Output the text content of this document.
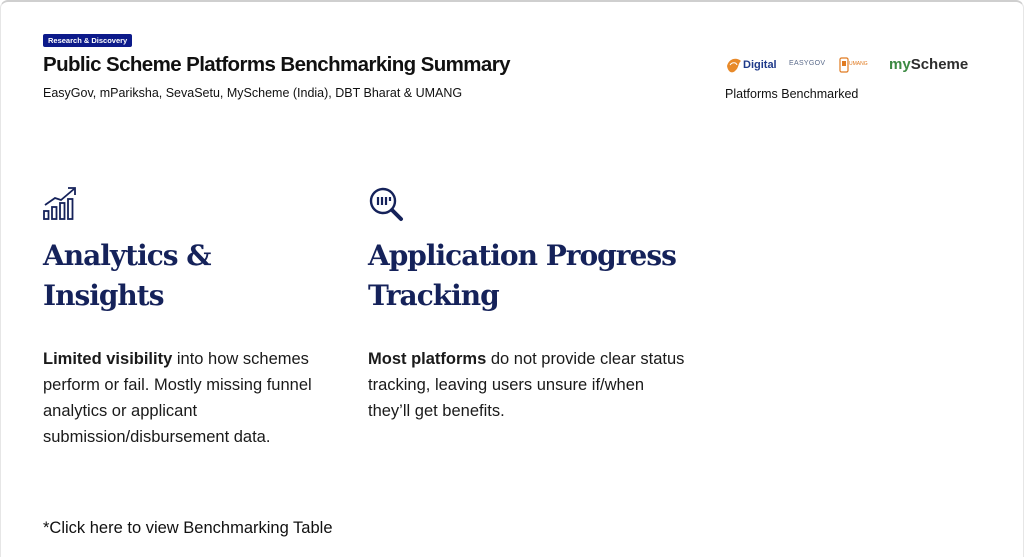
Research & Discovery
Public Scheme Platforms Benchmarking Summary
EasyGov, mPariksha, SevaSetu, MyScheme (India), DBT Bharat & UMANG
Digital EASYGOV	UMANG myScheme
Platforms Benchmarked
Analytics &
Insights
Limited visibility into how schemes perform or fail. Mostly missing funnel analytics or applicant submission/disbursement data.
Application Progress
Tracking
Most platforms do not provide clear status tracking, leaving users unsure if/when they’ll get benefits.
*Click here to view Benchmarking Table
